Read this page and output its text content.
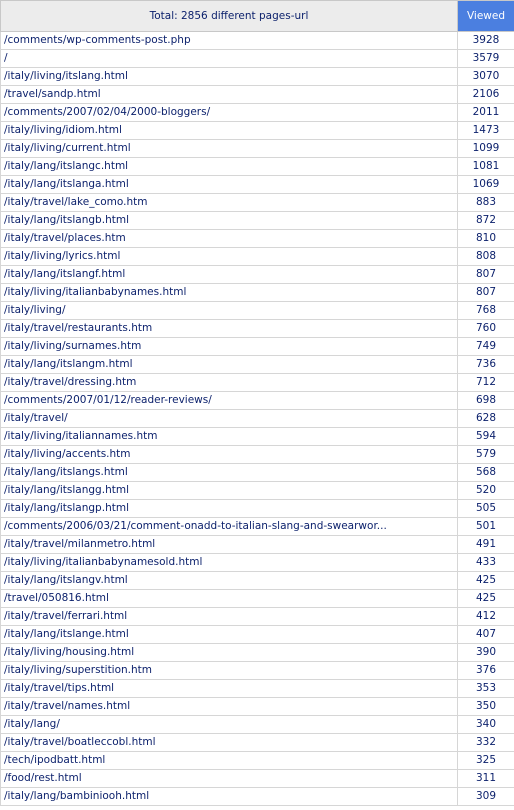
Total: 2856 different pages-url	Viewed
/comments/wp-comments-post.php	3928
/	3579
/italy/living/itslang.html	3070
/travel/sandp.html	2106
/comments/2007/02/04/2000-bloggers/	2011
/italy/living/idiom.html	1473
/italy/living/current.html	1099
/italy/lang/itslangc.html	1081
/italy/lang/itslanga.html	1069
/italy/travel/lake_como.htm	883
/italy/lang/itslangb.html	872
/italy/travel/places.htm	810
/italy/living/lyrics.html	808
/italy/lang/itslangf.html	807
/italy/living/italianbabynames.html	807
/italy/living/	768
/italy/travel/restaurants.htm	760
/italy/living/surnames.htm	749
/italy/lang/itslangm.html	736
/italy/travel/dressing.htm	712
/comments/2007/01/12/reader-reviews/	698
/italy/travel/	628
/italy/living/italiannames.htm	594
/italy/living/accents.htm	579
/italy/lang/itslangs.html	568
/italy/lang/itslangg.html	520
/italy/lang/itslangp.html	505
/comments/2006/03/21/comment-onadd-to-italian-slang-and-swearwor...	501
/italy/travel/milanmetro.html	491
/italy/living/italianbabynamesold.html	433
/italy/lang/itslangv.html	425
/travel/050816.html	425
/italy/travel/ferrari.html	412
/italy/lang/itslange.html	407
/italy/living/housing.html	390
/italy/living/superstition.htm	376
/italy/travel/tips.html	353
/italy/travel/names.html	350
/italy/lang/	340
/italy/travel/boatleccobl.html	332
/tech/ipodbatt.html	325
/food/rest.html	311
/italy/lang/bambiniooh.html	309
